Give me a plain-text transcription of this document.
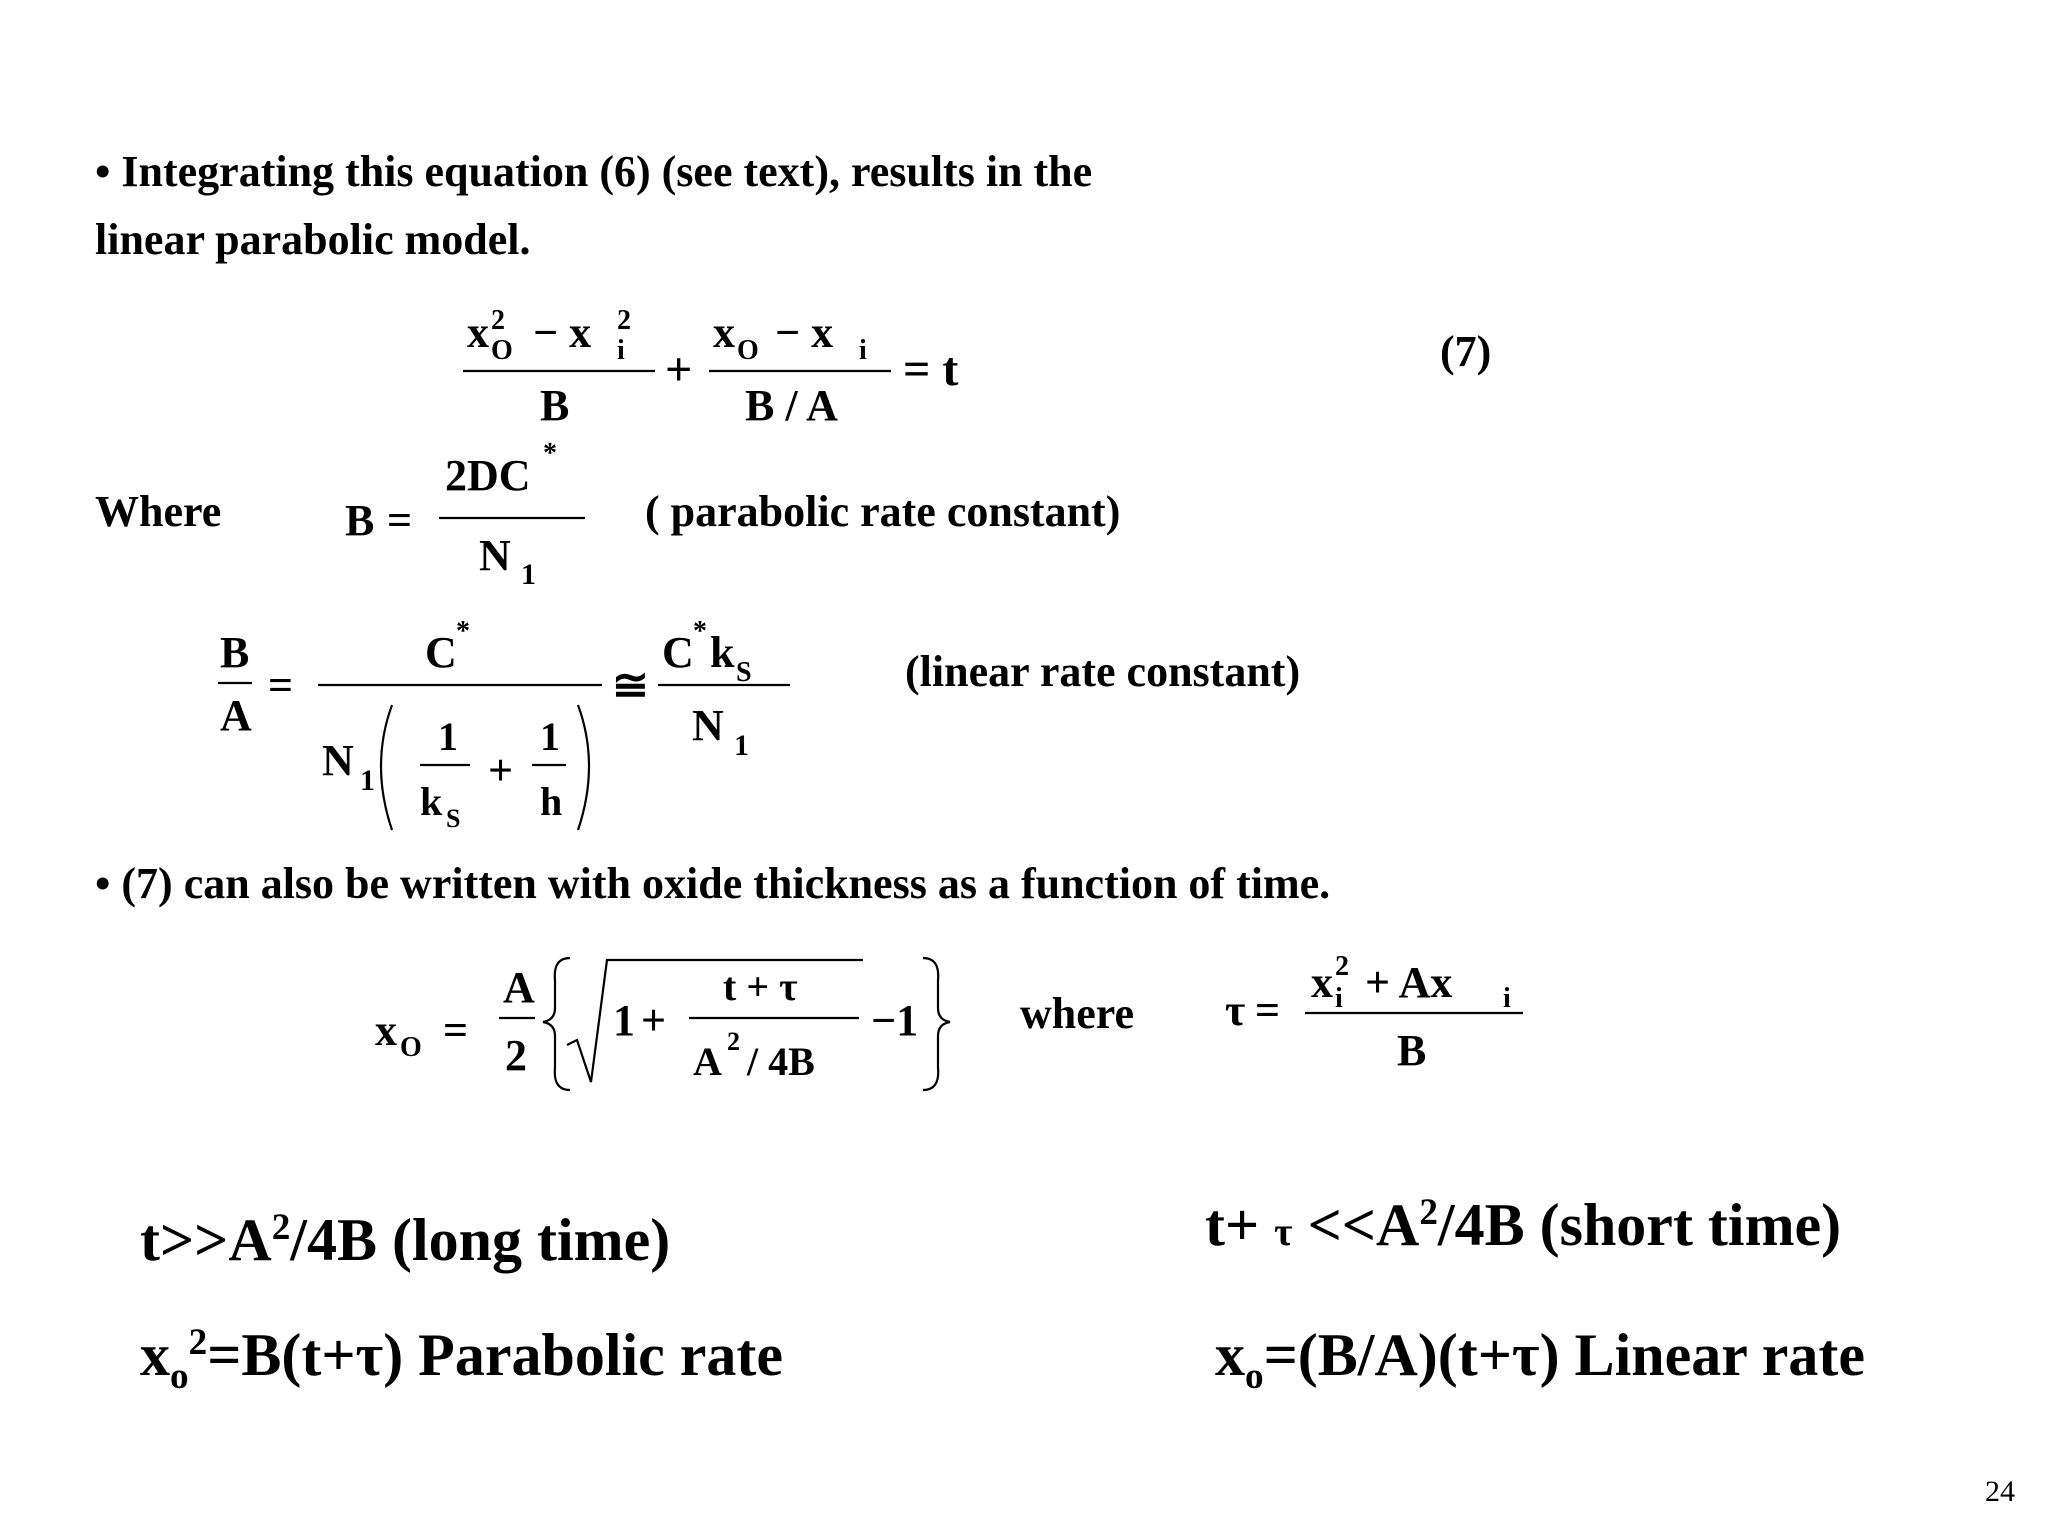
• Integrating this equation (6) (see text), results in the
linear parabolic model.
x 2
O − x 2
i
B
+
x O − x i
B / A
= t	(7)
Where	B =
2DC *
N 1
( parabolic rate constant)
B
A
=
C *
N 1
1
k S
+
1
h
≅
C * k S
N 1
(linear rate constant)
• (7) can also be written with oxide thickness as a function of time.
x O =
A
2
1 +
t + τ
A 2 / 4B
−1 where τ =
x 2
i + Ax i
B
$t>>A^2/4B$ (long time)	$t+ \tau <<A^2/4B$ (short time)
$x_o^2=B(t+\tau)$ Parabolic rate	$x_o=(B/A)(t+\tau)$ Linear rate
24
